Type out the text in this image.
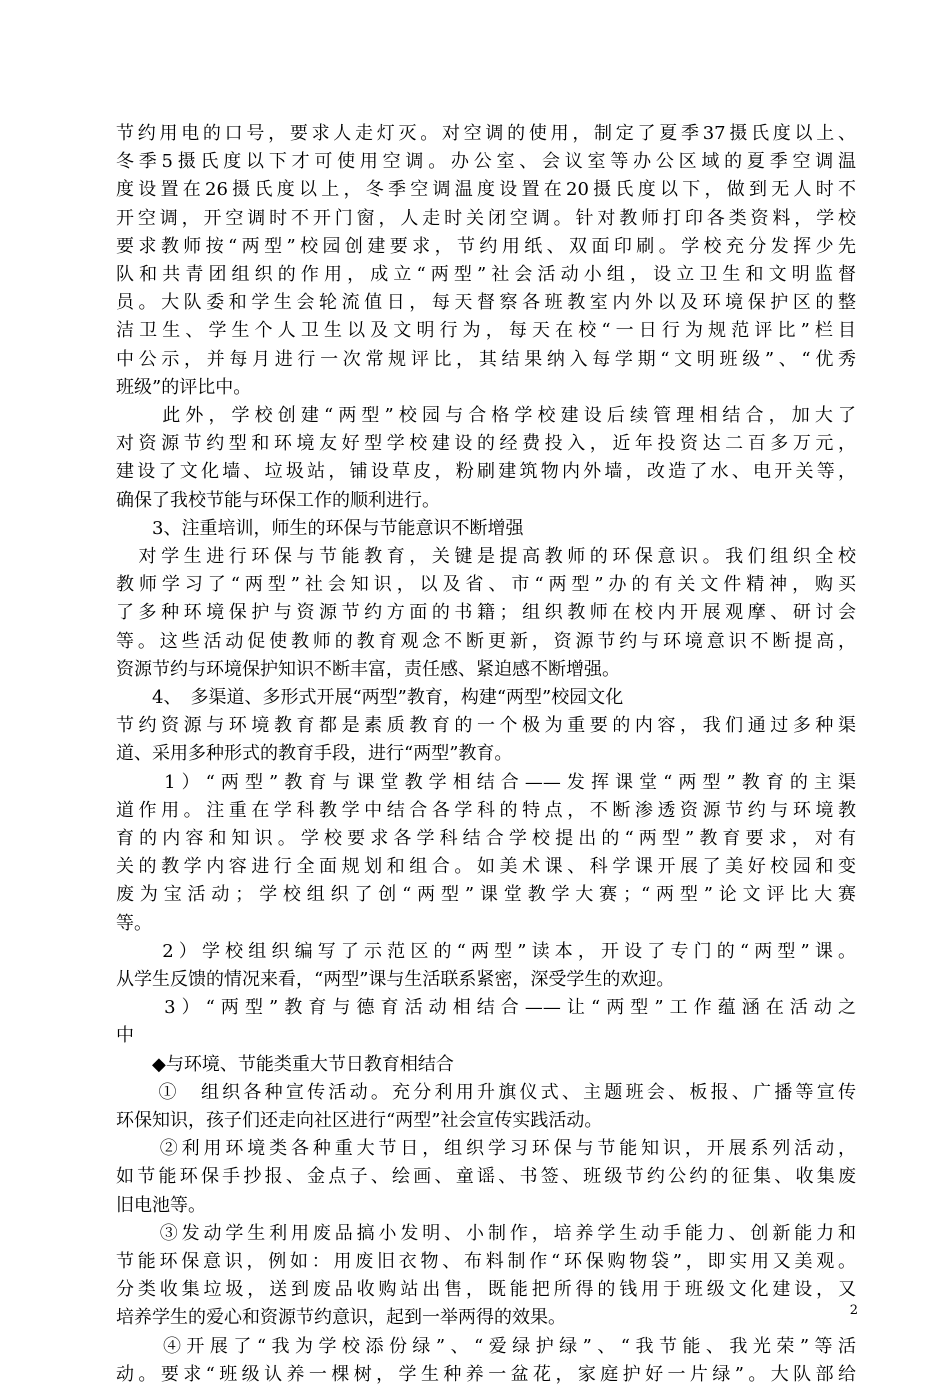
节约用电的口号，要求人走灯灭。对空调的使用，制定了夏季37摄氏度以上、
冬季5摄氏度以下才可使用空调。办公室、会议室等办公区域的夏季空调温
度设置在26摄氏度以上，冬季空调温度设置在20摄氏度以下，做到无人时不
开空调，开空调时不开门窗，人走时关闭空调。针对教师打印各类资料，学校
要求教师按“两型”校园创建要求，节约用纸、双面印刷。学校充分发挥少先
队和共青团组织的作用，成立“两型”社会活动小组，设立卫生和文明监督
员。大队委和学生会轮流值日，每天督察各班教室内外以及环境保护区的整
洁卫生、学生个人卫生以及文明行为，每天在校“一日行为规范评比”栏目
中公示，并每月进行一次常规评比，其结果纳入每学期“文明班级”、“优秀
班级”的评比中。
　　此外，学校创建“两型”校园与合格学校建设后续管理相结合，加大了
对资源节约型和环境友好型学校建设的经费投入，近年投资达二百多万元，
建设了文化墙、垃圾站，铺设草皮，粉刷建筑物内外墙，改造了水、电开关等，
确保了我校节能与环保工作的顺利进行。
　　3、注重培训，师生的环保与节能意识不断增强
　对学生进行环保与节能教育，关键是提高教师的环保意识。我们组织全校
教师学习了“两型”社会知识，以及省、市“两型”办的有关文件精神，购买
了多种环境保护与资源节约方面的书籍；组织教师在校内开展观摩、研讨会
等。这些活动促使教师的教育观念不断更新，资源节约与环境意识不断提高，
资源节约与环境保护知识不断丰富，责任感、紧迫感不断增强。
　　4、　多渠道、多形式开展“两型”教育，构建“两型”校园文化
节约资源与环境教育都是素质教育的一个极为重要的内容，我们通过多种渠
道、采用多种形式的教育手段，进行“两型”教育。
　　1）“两型”教育与课堂教学相结合——发挥课堂“两型”教育的主渠
道作用。注重在学科教学中结合各学科的特点，不断渗透资源节约与环境教
育的内容和知识。学校要求各学科结合学校提出的“两型”教育要求，对有
关的教学内容进行全面规划和组合。如美术课、科学课开展了美好校园和变
废为宝活动；学校组织了创“两型”课堂教学大赛；“两型”论文评比大赛
等。
　　2）学校组织编写了示范区的“两型”读本，开设了专门的“两型”课。
从学生反馈的情况来看，“两型”课与生活联系紧密，深受学生的欢迎。
　　3）“两型”教育与德育活动相结合——让“两型”工作蕴涵在活动之
中
　　◆与环境、节能类重大节日教育相结合
　　①　组织各种宣传活动。充分利用升旗仪式、主题班会、板报、广播等宣传
环保知识，孩子们还走向社区进行“两型”社会宣传实践活动。
　　②利用环境类各种重大节日，组织学习环保与节能知识，开展系列活动，
如节能环保手抄报、金点子、绘画、童谣、书签、班级节约公约的征集、收集废
旧电池等。
　　③发动学生利用废品搞小发明、小制作，培养学生动手能力、创新能力和
节能环保意识，例如：用废旧衣物、布料制作“环保购物袋”，即实用又美观。
分类收集垃圾，送到废品收购站出售，既能把所得的钱用于班级文化建设，又
培养学生的爱心和资源节约意识，起到一举两得的效果。
　　④开展了“我为学校添份绿”、“爱绿护绿”、“我节能、我光荣”等活
动。要求“班级认养一棵树，学生种养一盆花，家庭护好一片绿”。大队部给
2
